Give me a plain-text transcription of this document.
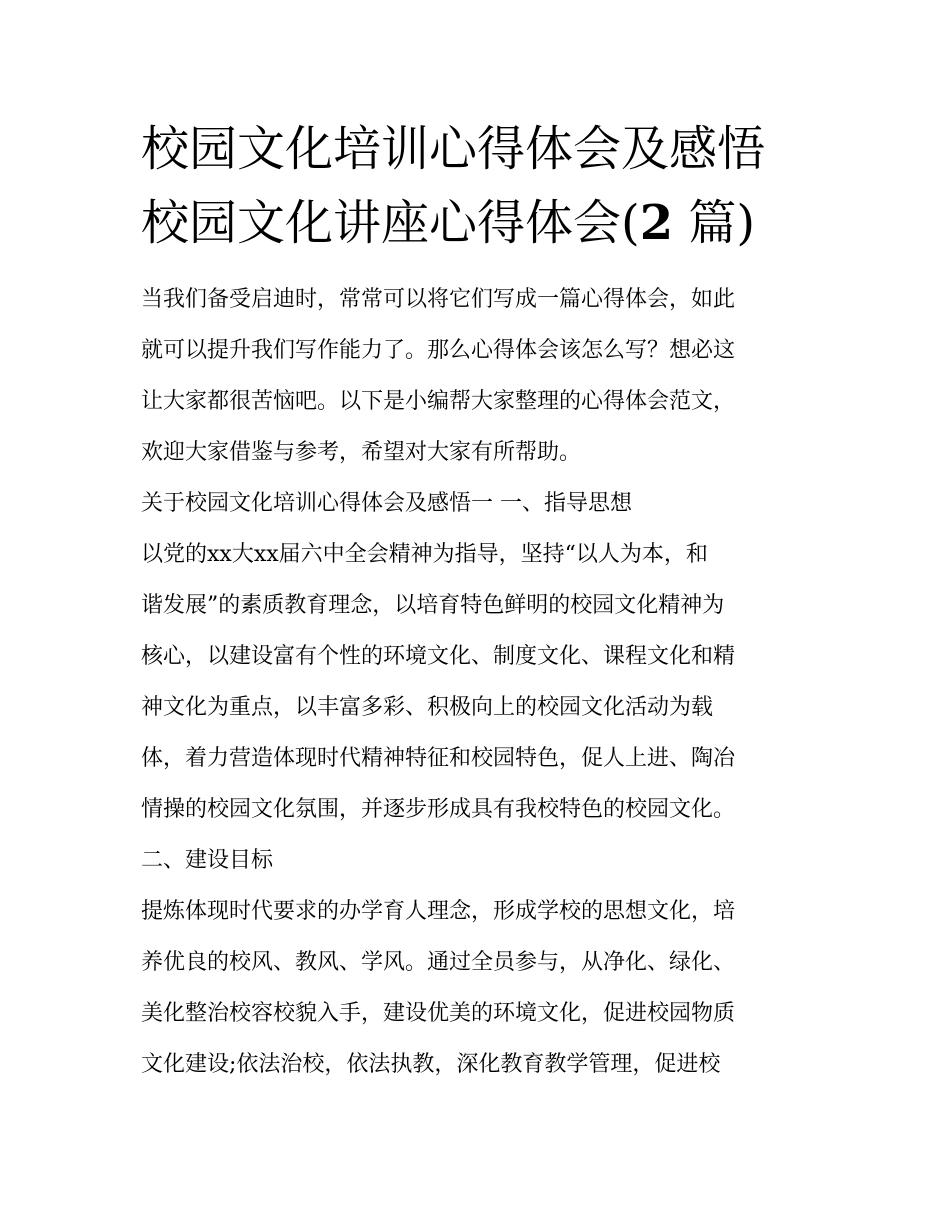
校园文化培训心得体会及感悟
校园文化讲座心得体会(2 篇)

当我们备受启迪时，常常可以将它们写成一篇心得体会，如此
就可以提升我们写作能力了。那么心得体会该怎么写？想必这
让大家都很苦恼吧。以下是小编帮大家整理的心得体会范文，
欢迎大家借鉴与参考，希望对大家有所帮助。

关于校园文化培训心得体会及感悟一 一、指导思想

以党的xx大xx届六中全会精神为指导，坚持“以人为本，和
谐发展”的素质教育理念，以培育特色鲜明的校园文化精神为
核心，以建设富有个性的环境文化、制度文化、课程文化和精
神文化为重点，以丰富多彩、积极向上的校园文化活动为载
体，着力营造体现时代精神特征和校园特色，促人上进、陶冶
情操的校园文化氛围，并逐步形成具有我校特色的校园文化。

二、建设目标

提炼体现时代要求的办学育人理念，形成学校的思想文化，培
养优良的校风、教风、学风。通过全员参与，从净化、绿化、
美化整治校容校貌入手，建设优美的环境文化，促进校园物质
文化建设;依法治校，依法执教，深化教育教学管理，促进校
